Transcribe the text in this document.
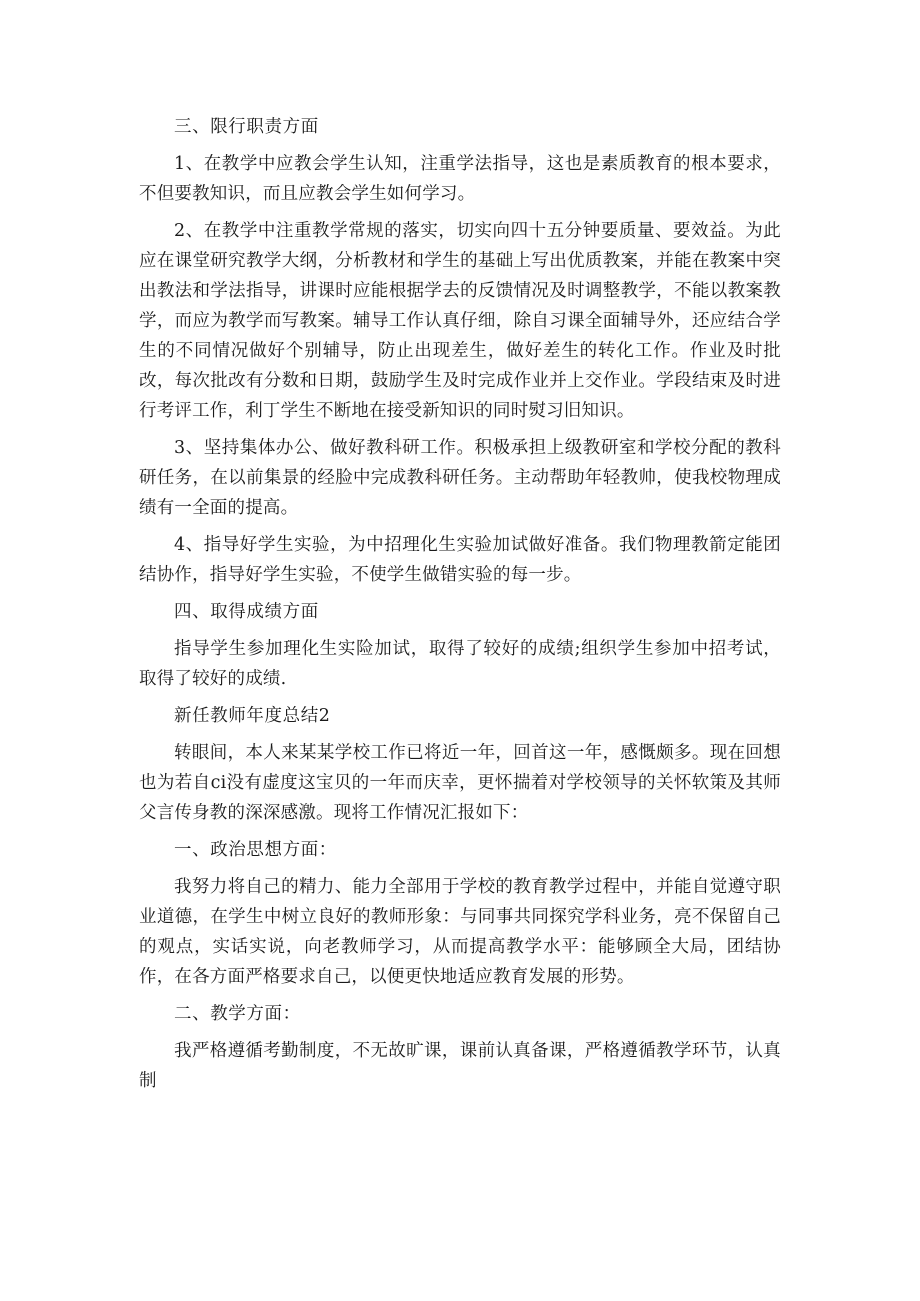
三、限行职责方面

1、在教学中应教会学生认知，注重学法指导，这也是素质教育的根本要求，不但要教知识，而且应教会学生如何学习。

2、在教学中注重教学常规的落实，切实向四十五分钟要质量、要效益。为此应在课堂研究教学大纲，分析教材和学生的基础上写出优质教案，并能在教案中突出教法和学法指导，讲课时应能根据学去的反馈情况及时调整教学，不能以教案教学，而应为教学而写教案。辅导工作认真仔细，除自习课全面辅导外，还应结合学生的不同情况做好个别辅导，防止出现差生，做好差生的转化工作。作业及时批改，每次批改有分数和日期，鼓励学生及时完成作业并上交作业。学段结束及时进行考评工作，利丁学生不断地在接受新知识的同时熨习旧知识。

3、坚持集体办公、做好教科研工作。积极承担上级教研室和学校分配的教科研任务，在以前集景的经脸中完成教科研任务。主动帮助年轻教帅，使我校物理成绩有一全面的提高。

4、指导好学生实验，为中招理化生实验加试做好准备。我们物理教箭定能团结协作，指导好学生实验，不使学生做错实验的每一步。

四、取得成绩方面

指导学生参加理化生实险加试，取得了较好的成绩;组织学生参加中招考试，取得了较好的成绩.

新任教师年度总结2

转眼间，本人来某某学校工作已将近一年，回首这一年，感慨颇多。现在回想也为若自ci没有虚度这宝贝的一年而庆幸，更怀揣着对学校领导的关怀软策及其师父言传身教的深深感激。现将工作情况汇报如下：

一、政治思想方面：

我努力将自己的精力、能力全部用于学校的教育教学过程中，并能自觉遵守职业道德，在学生中树立良好的教师形象：与同事共同探究学科业务，亮不保留自己的观点，实话实说，向老教师学习，从而提高教学水平：能够顾全大局，团结协作，在各方面严格要求自己，以便更快地适应教育发展的形势。

二、教学方面：

我严格遵循考勤制度，不无故旷课，课前认真备课，严格遵循教学环节，认真制
